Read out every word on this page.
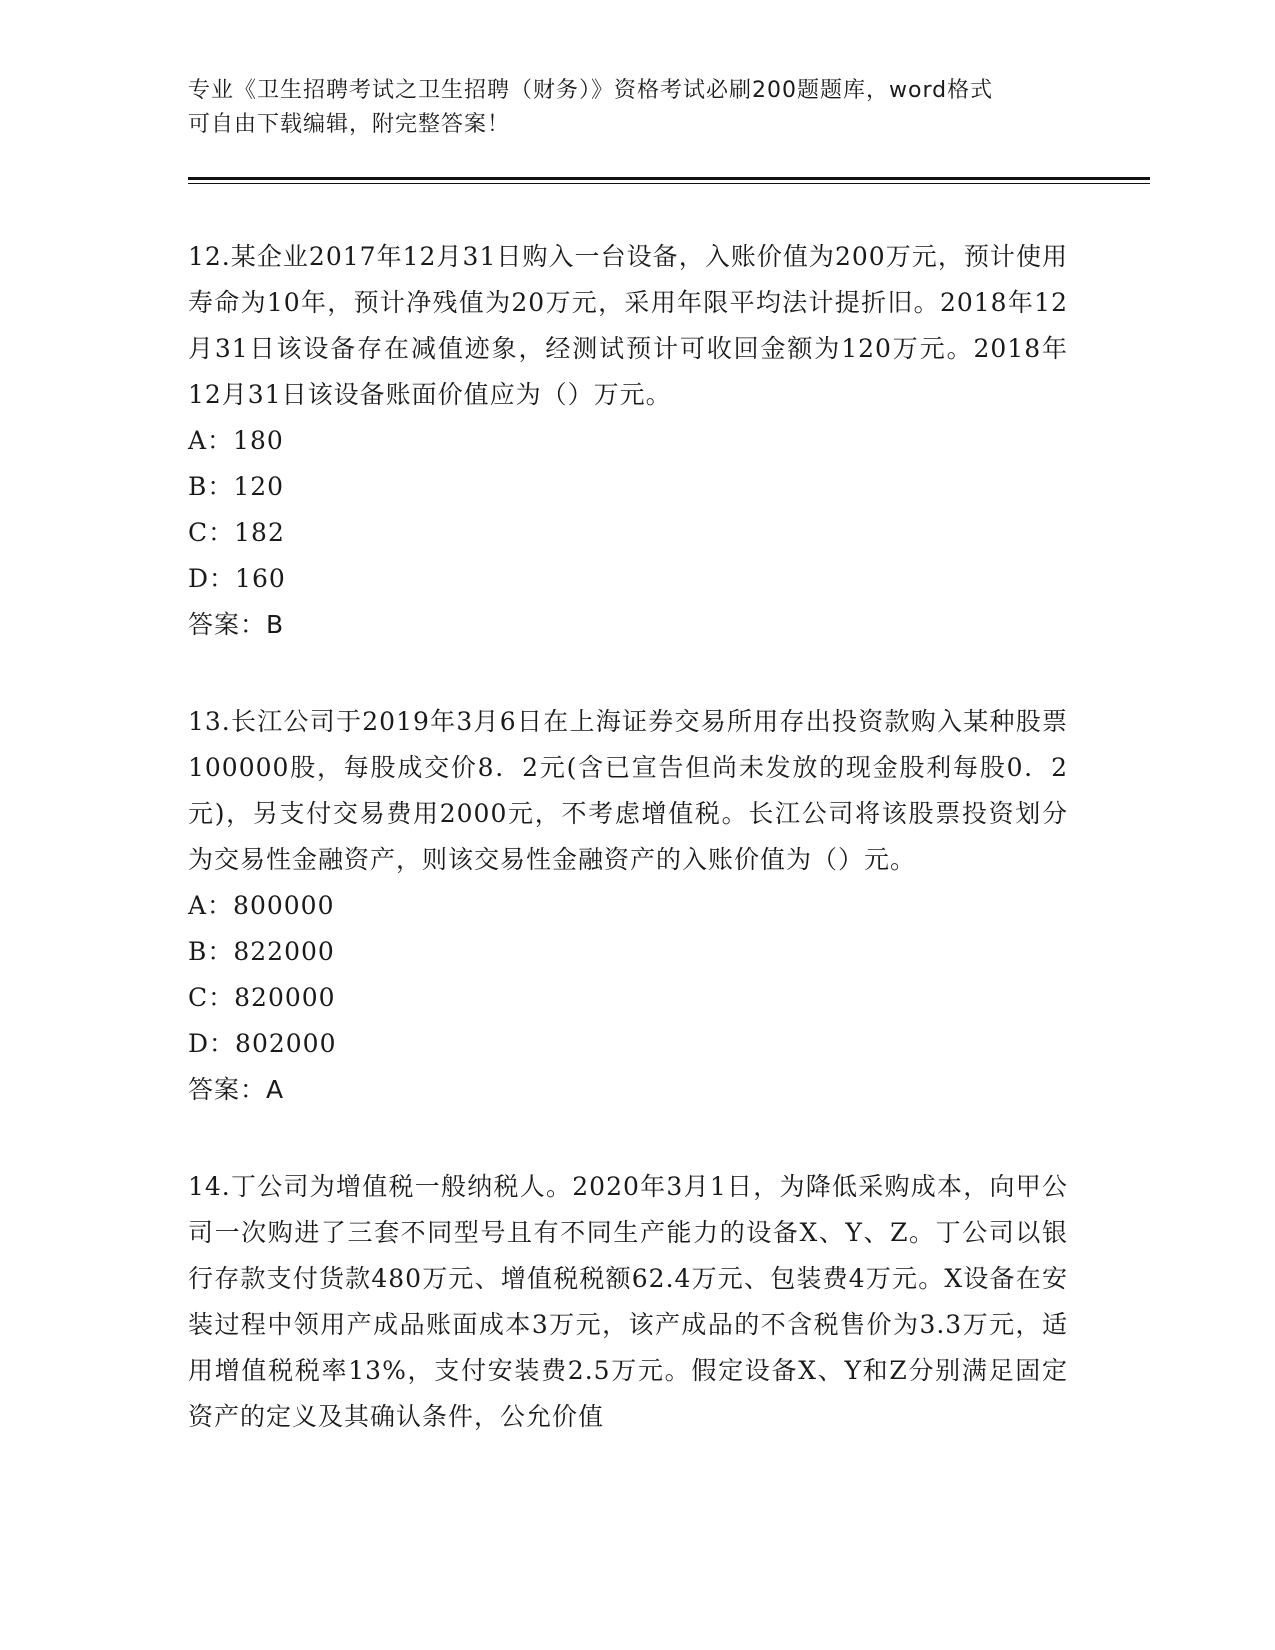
专业《卫生招聘考试之卫生招聘（财务）》资格考试必刷200题题库，word格式
可自由下载编辑，附完整答案！
12.某企业2017年12月31日购入一台设备，入账价值为200万元，预计使用寿命为10年，预计净残值为20万元，采用年限平均法计提折旧。2018年12月31日该设备存在减值迹象，经测试预计可收回金额为120万元。2018年12月31日该设备账面价值应为（）万元。
A：180
B：120
C：182
D：160
答案：B
13.长江公司于2019年3月6日在上海证券交易所用存出投资款购入某种股票100000股，每股成交价8．2元(含已宣告但尚未发放的现金股利每股0．2元)，另支付交易费用2000元，不考虑增值税。长江公司将该股票投资划分为交易性金融资产，则该交易性金融资产的入账价值为（）元。
A：800000
B：822000
C：820000
D：802000
答案：A
14.丁公司为增值税一般纳税人。2020年3月1日，为降低采购成本，向甲公司一次购进了三套不同型号且有不同生产能力的设备X、Y、Z。丁公司以银行存款支付货款480万元、增值税税额62.4万元、包装费4万元。X设备在安装过程中领用产成品账面成本3万元，该产成品的不含税售价为3.3万元，适用增值税税率13%，支付安装费2.5万元。假定设备X、Y和Z分别满足固定资产的定义及其确认条件，公允价值
